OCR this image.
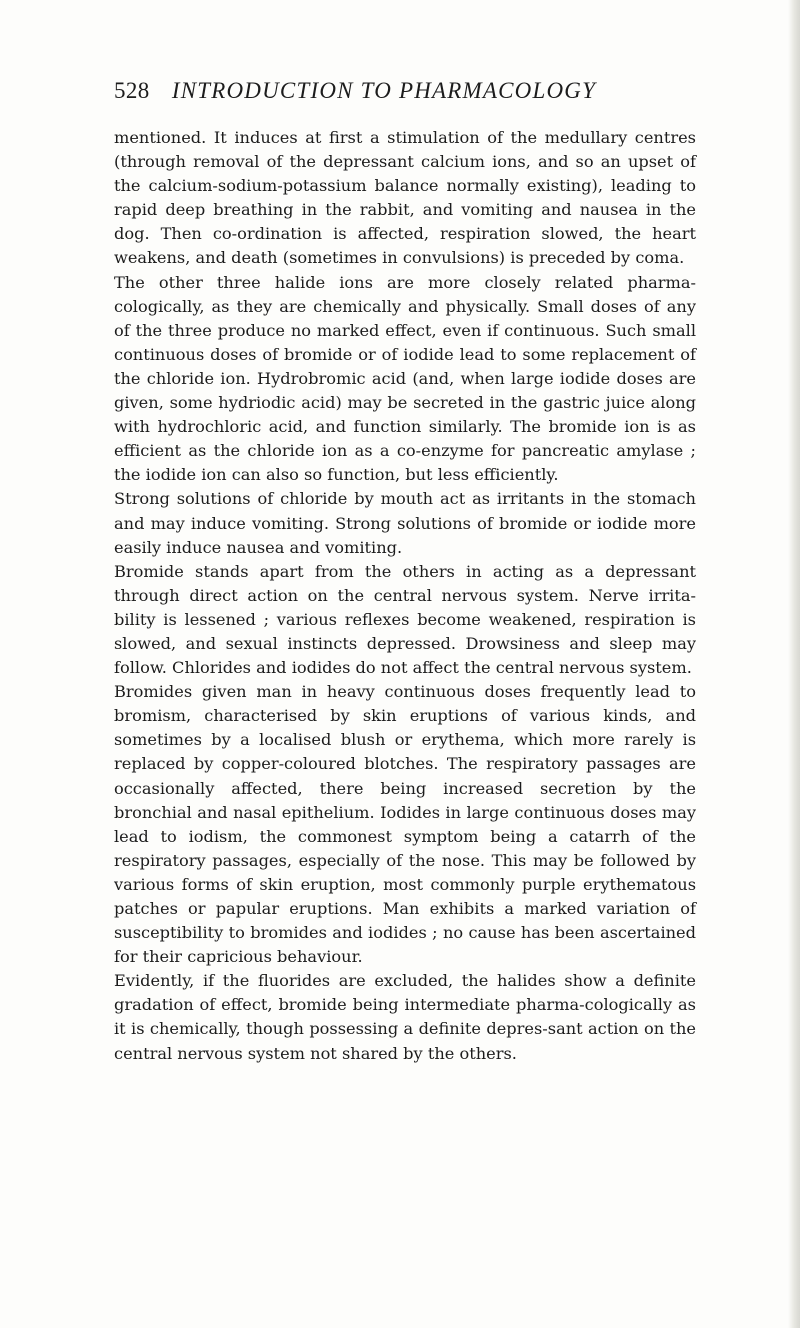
528 INTRODUCTION TO PHARMACOLOGY

mentioned. It induces at first a stimulation of the medullary centres (through removal of the depressant calcium ions, and so an upset of the calcium-sodium-potassium balance normally existing), leading to rapid deep breathing in the rabbit, and vomiting and nausea in the dog. Then co-ordination is affected, respiration slowed, the heart weakens, and death (sometimes in convulsions) is preceded by coma.

The other three halide ions are more closely related pharma-cologically, as they are chemically and physically. Small doses of any of the three produce no marked effect, even if continuous. Such small continuous doses of bromide or of iodide lead to some replacement of the chloride ion. Hydrobromic acid (and, when large iodide doses are given, some hydriodic acid) may be secreted in the gastric juice along with hydrochloric acid, and function similarly. The bromide ion is as efficient as the chloride ion as a co-enzyme for pancreatic amylase ; the iodide ion can also so function, but less efficiently.

Strong solutions of chloride by mouth act as irritants in the stomach and may induce vomiting. Strong solutions of bromide or iodide more easily induce nausea and vomiting.

Bromide stands apart from the others in acting as a depressant through direct action on the central nervous system. Nerve irrita-bility is lessened ; various reflexes become weakened, respiration is slowed, and sexual instincts depressed. Drowsiness and sleep may follow. Chlorides and iodides do not affect the central nervous system.

Bromides given man in heavy continuous doses frequently lead to bromism, characterised by skin eruptions of various kinds, and sometimes by a localised blush or erythema, which more rarely is replaced by copper-coloured blotches. The respiratory passages are occasionally affected, there being increased secretion by the bronchial and nasal epithelium. Iodides in large continuous doses may lead to iodism, the commonest symptom being a catarrh of the respiratory passages, especially of the nose. This may be followed by various forms of skin eruption, most commonly purple erythematous patches or papular eruptions. Man exhibits a marked variation of susceptibility to bromides and iodides ; no cause has been ascertained for their capricious behaviour.

Evidently, if the fluorides are excluded, the halides show a definite gradation of effect, bromide being intermediate pharma-cologically as it is chemically, though possessing a definite depres-sant action on the central nervous system not shared by the others.
